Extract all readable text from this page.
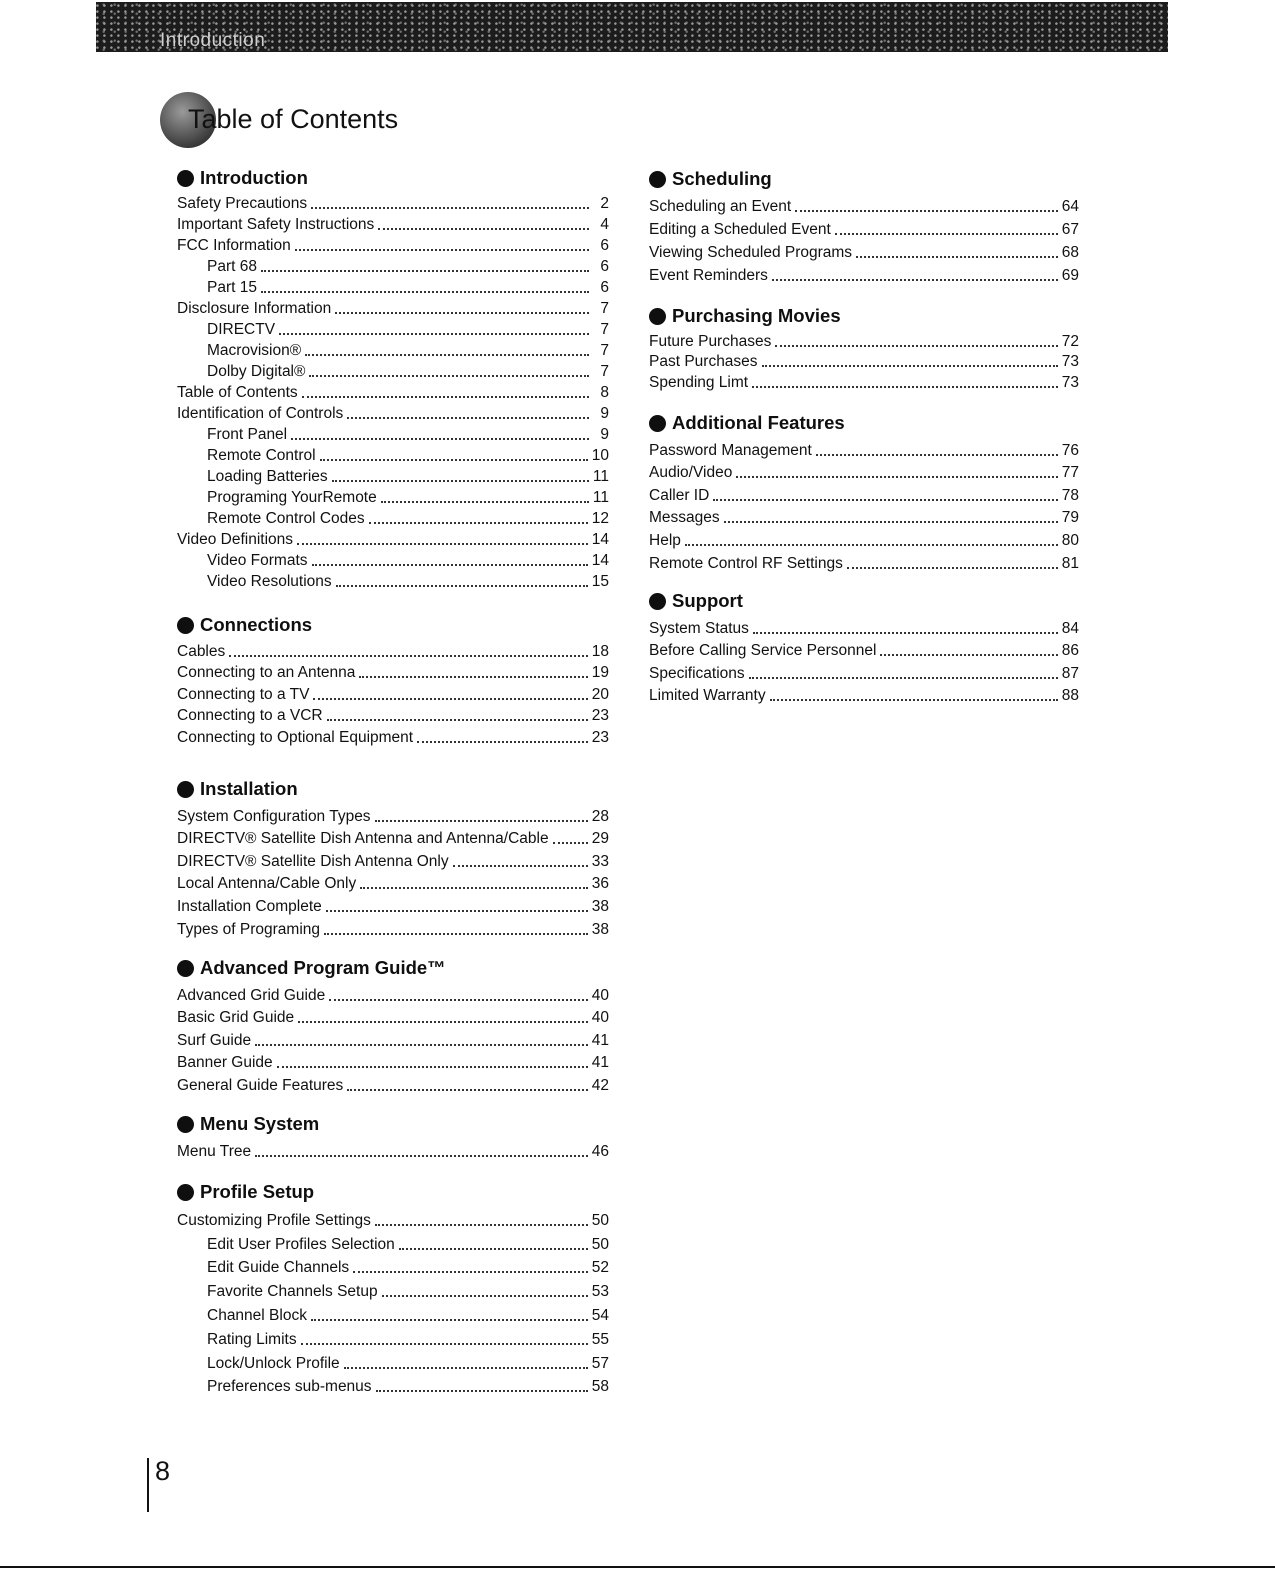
Introduction
Table of Contents
Introduction
Safety Precautions	2
Important Safety Instructions	4
FCC Information	6
Part 68	6
Part 15	6
Disclosure Information	7
DIRECTV	7
Macrovision®	7
Dolby Digital®	7
Table of Contents	8
Identification of Controls	9
Front Panel	9
Remote Control	10
Loading Batteries	11
Programing YourRemote	11
Remote Control Codes	12
Video Definitions	14
Video Formats	14
Video Resolutions	15
Connections
Cables	18
Connecting to an Antenna	19
Connecting to a TV	20
Connecting to a VCR	23
Connecting to Optional Equipment	23
Installation
System Configuration Types	28
DIRECTV® Satellite Dish Antenna and Antenna/Cable	29
DIRECTV® Satellite Dish Antenna Only	33
Local Antenna/Cable Only	36
Installation Complete	38
Types of Programing	38
Advanced Program Guide™
Advanced Grid Guide	40
Basic Grid Guide	40
Surf Guide	41
Banner Guide	41
General Guide Features	42
Menu System
Menu Tree	46
Profile Setup
Customizing Profile Settings	50
Edit User Profiles Selection	50
Edit Guide Channels	52
Favorite Channels Setup	53
Channel Block	54
Rating Limits	55
Lock/Unlock Profile	57
Preferences sub-menus	58
Scheduling
Scheduling an Event	64
Editing a Scheduled Event	67
Viewing Scheduled Programs	68
Event Reminders	69
Purchasing Movies
Future Purchases	72
Past Purchases	73
Spending Limt	73
Additional Features
Password Management	76
Audio/Video	77
Caller ID	78
Messages	79
Help	80
Remote Control RF Settings	81
Support
System Status	84
Before Calling Service Personnel	86
Specifications	87
Limited Warranty	88
8
